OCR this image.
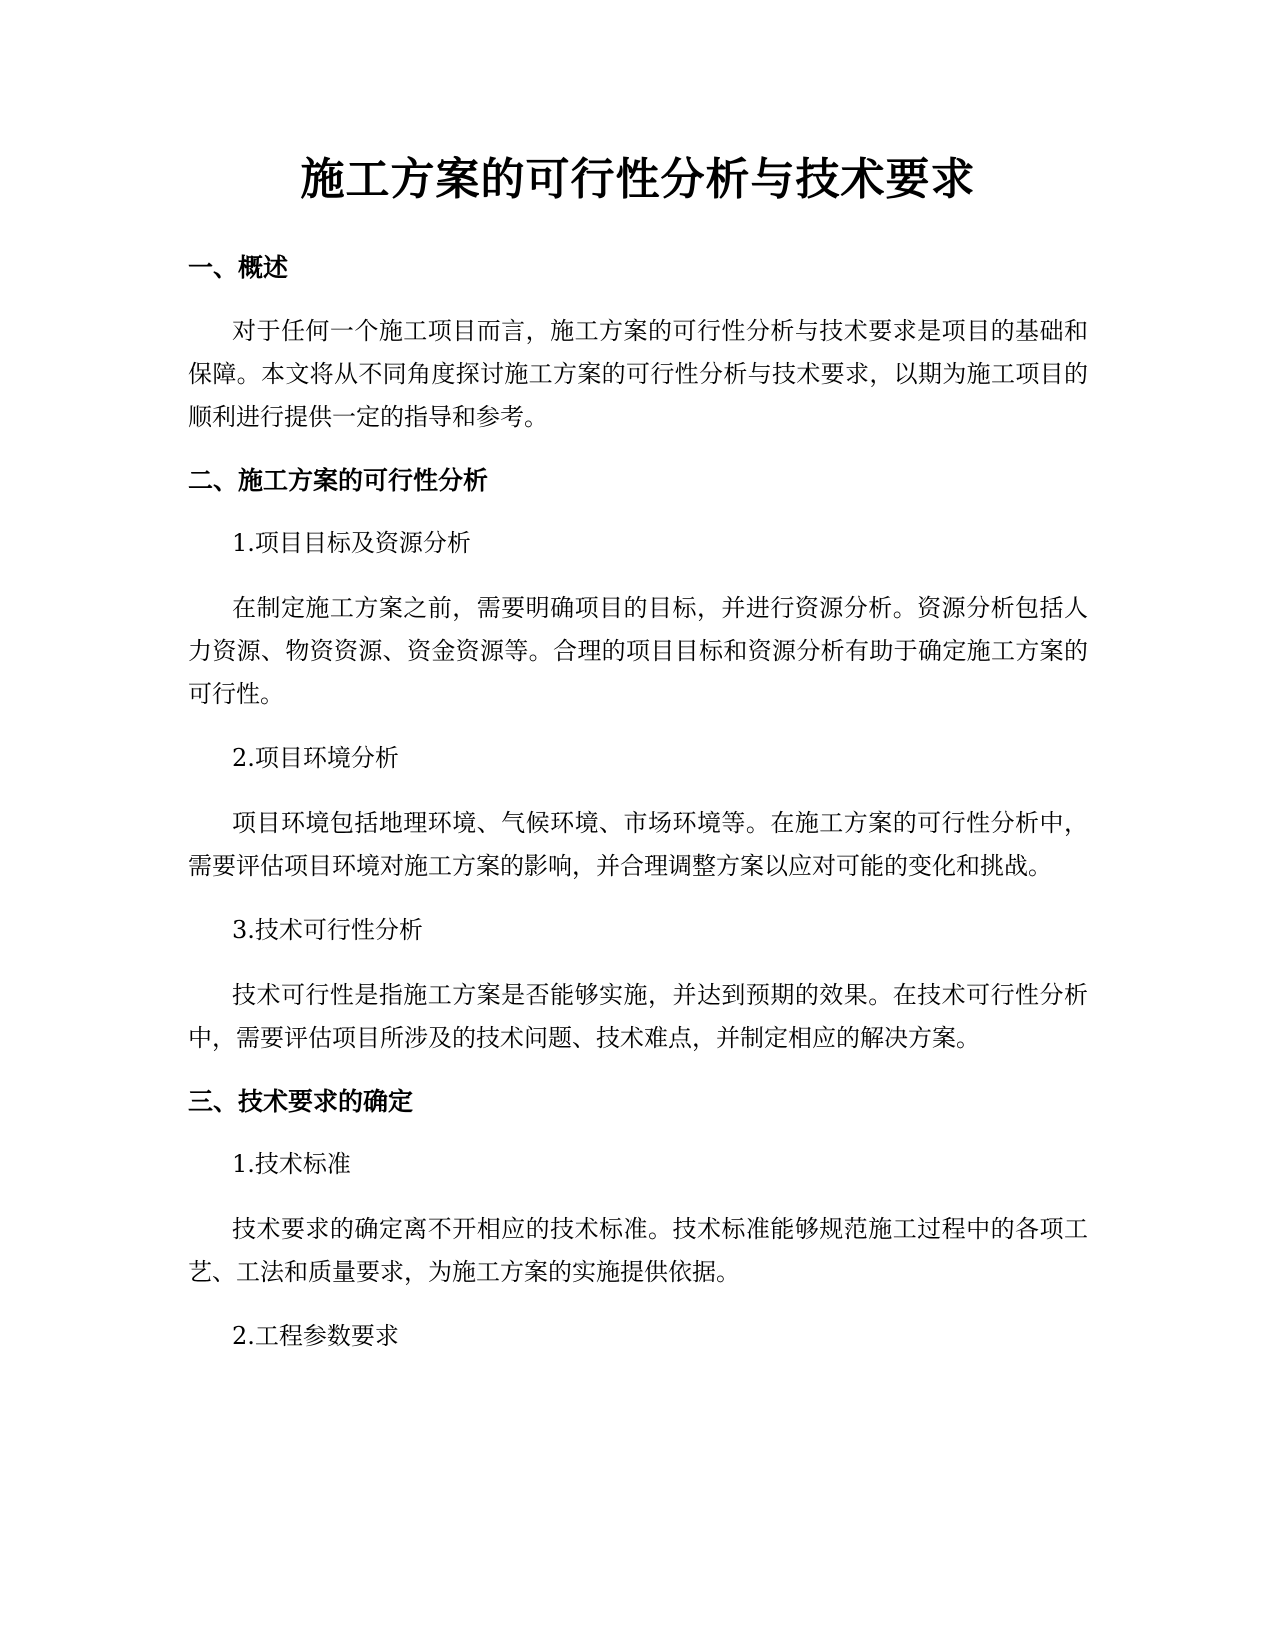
施工方案的可行性分析与技术要求
一、概述

对于任何一个施工项目而言，施工方案的可行性分析与技术要求是项目的基础和保障。本文将从不同角度探讨施工方案的可行性分析与技术要求，以期为施工项目的顺利进行提供一定的指导和参考。

二、施工方案的可行性分析

1.项目目标及资源分析

在制定施工方案之前，需要明确项目的目标，并进行资源分析。资源分析包括人力资源、物资资源、资金资源等。合理的项目目标和资源分析有助于确定施工方案的可行性。

2.项目环境分析

项目环境包括地理环境、气候环境、市场环境等。在施工方案的可行性分析中，需要评估项目环境对施工方案的影响，并合理调整方案以应对可能的变化和挑战。

3.技术可行性分析

技术可行性是指施工方案是否能够实施，并达到预期的效果。在技术可行性分析中，需要评估项目所涉及的技术问题、技术难点，并制定相应的解决方案。

三、技术要求的确定

1.技术标准

技术要求的确定离不开相应的技术标准。技术标准能够规范施工过程中的各项工艺、工法和质量要求，为施工方案的实施提供依据。

2.工程参数要求
